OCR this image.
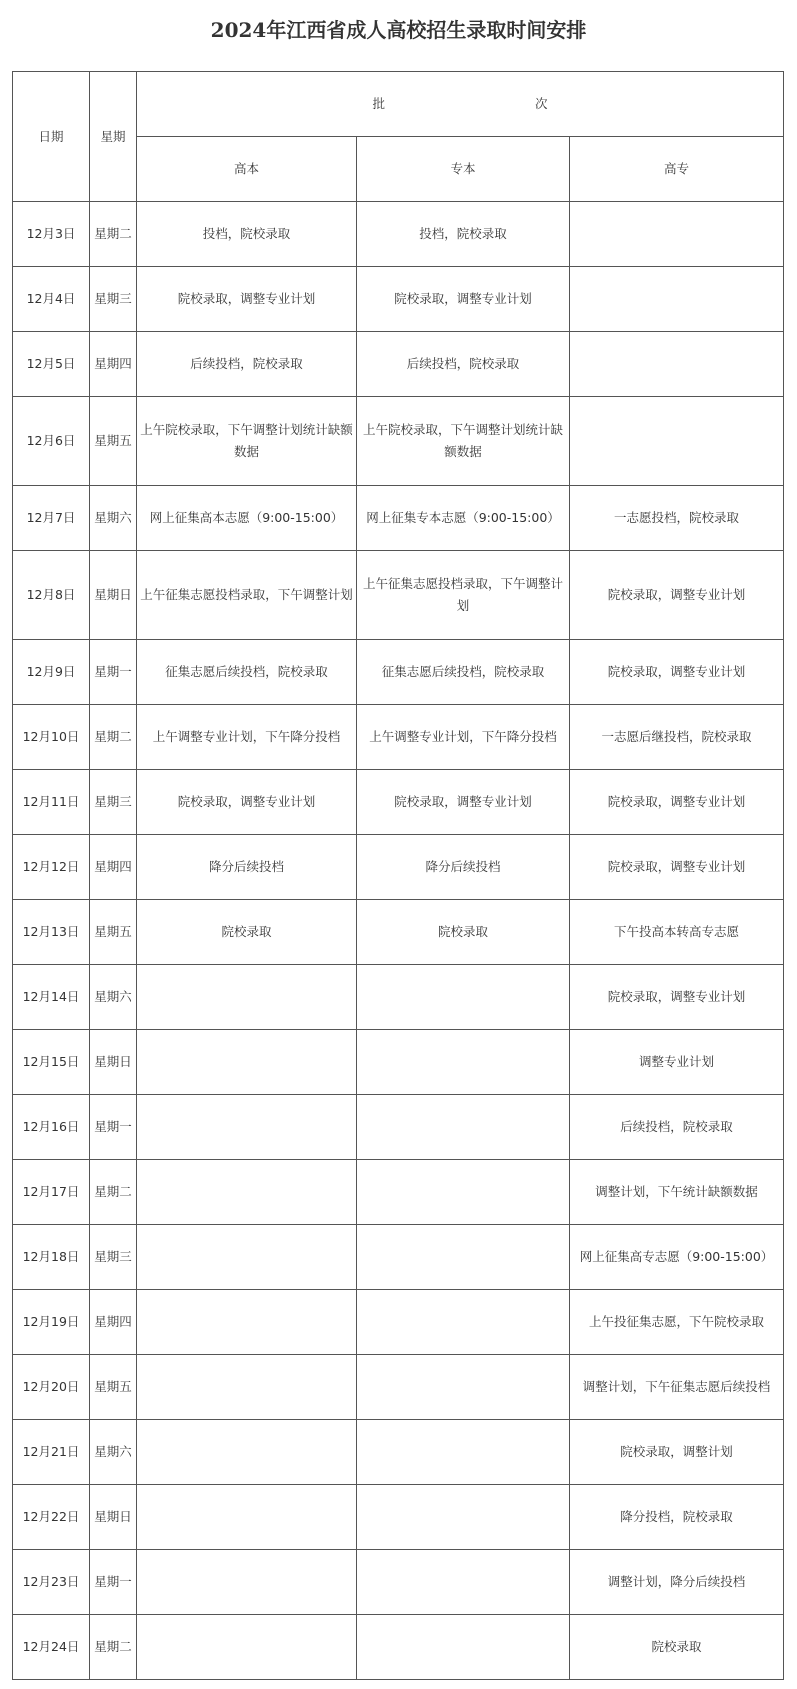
2024年江西省成人高校招生录取时间安排
日期	星期	批 次		
		高本	专本	高专
12月3日	星期二	投档，院校录取	投档，院校录取	
12月4日	星期三	院校录取，调整专业计划	院校录取，调整专业计划	
12月5日	星期四	后续投档，院校录取	后续投档，院校录取	
12月6日	星期五	上午院校录取，下午调整计划统计缺额数据	上午院校录取，下午调整计划统计缺额数据	
12月7日	星期六	网上征集高本志愿（9:00-15:00）	网上征集专本志愿（9:00-15:00）	一志愿投档，院校录取
12月8日	星期日	上午征集志愿投档录取，下午调整计划	上午征集志愿投档录取，下午调整计划	院校录取，调整专业计划
12月9日	星期一	征集志愿后续投档，院校录取	征集志愿后续投档，院校录取	院校录取，调整专业计划
12月10日	星期二	上午调整专业计划，下午降分投档	上午调整专业计划，下午降分投档	一志愿后继投档，院校录取
12月11日	星期三	院校录取，调整专业计划	院校录取，调整专业计划	院校录取，调整专业计划
12月12日	星期四	降分后续投档	降分后续投档	院校录取，调整专业计划
12月13日	星期五	院校录取	院校录取	下午投高本转高专志愿
12月14日	星期六			院校录取，调整专业计划
12月15日	星期日			调整专业计划
12月16日	星期一			后续投档，院校录取
12月17日	星期二			调整计划，下午统计缺额数据
12月18日	星期三			网上征集高专志愿（9:00-15:00）
12月19日	星期四			上午投征集志愿，下午院校录取
12月20日	星期五			调整计划，下午征集志愿后续投档
12月21日	星期六			院校录取，调整计划
12月22日	星期日			降分投档，院校录取
12月23日	星期一			调整计划，降分后续投档
12月24日	星期二			院校录取
